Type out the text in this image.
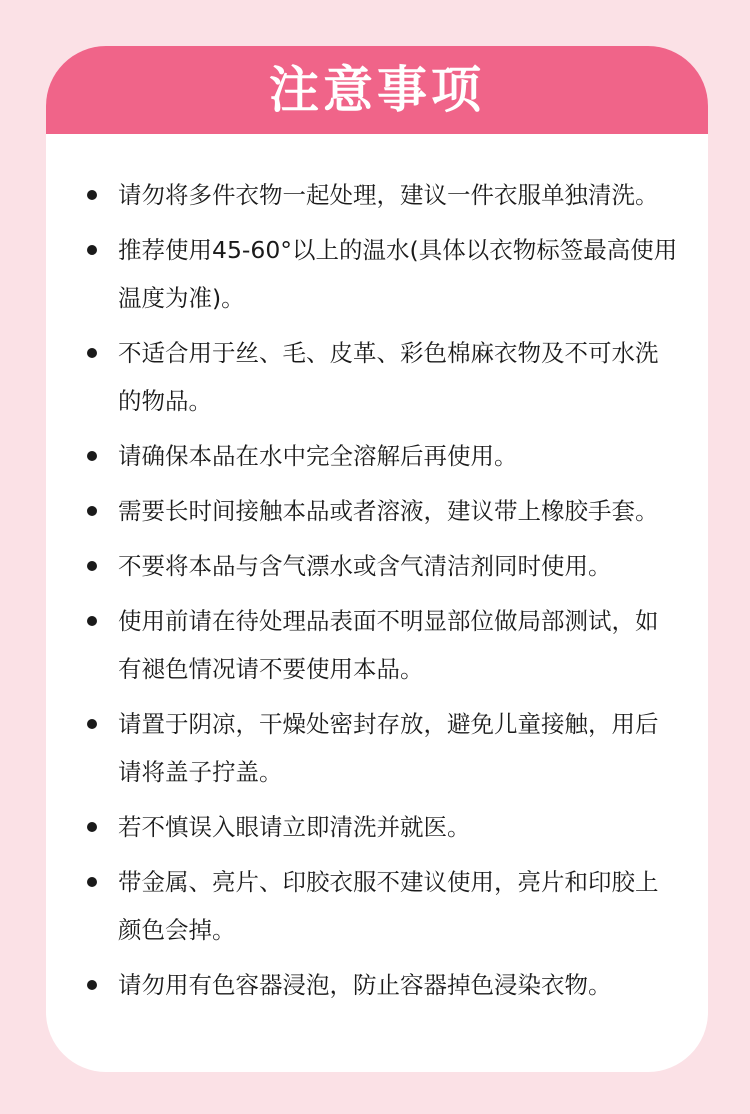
注意事项
请勿将多件衣物一起处理，建议一件衣服单独清洗。
推荐使用45-60°以上的温水(具体以衣物标签最高使用温度为准)。
不适合用于丝、毛、皮革、彩色棉麻衣物及不可水洗的物品。
请确保本品在水中完全溶解后再使用。
需要长时间接触本品或者溶液，建议带上橡胶手套。
不要将本品与含气漂水或含气清洁剂同时使用。
使用前请在待处理品表面不明显部位做局部测试，如有褪色情况请不要使用本品。
请置于阴凉，干燥处密封存放，避免儿童接触，用后请将盖子拧盖。
若不慎误入眼请立即清洗并就医。
带金属、亮片、印胶衣服不建议使用，亮片和印胶上颜色会掉。
请勿用有色容器浸泡，防止容器掉色浸染衣物。
